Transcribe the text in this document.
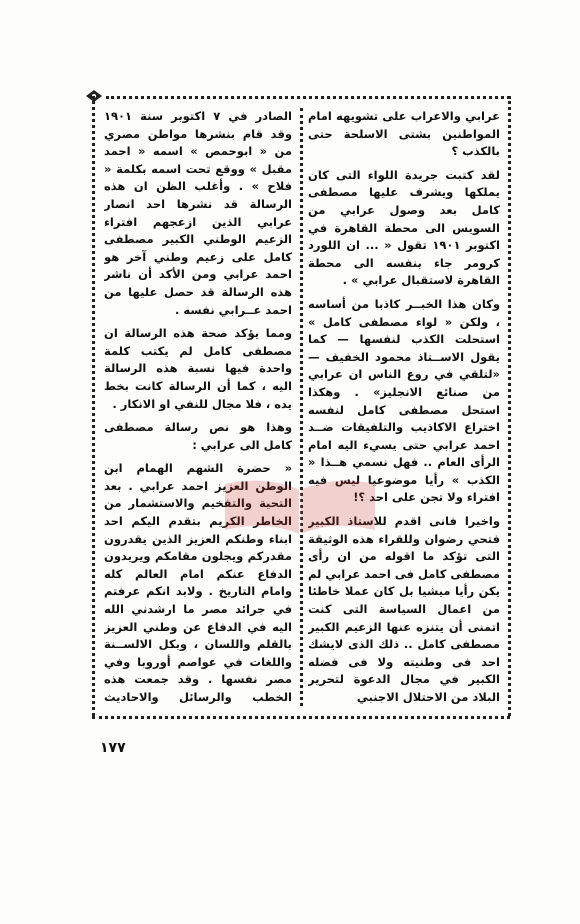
عرابي والاعراب على تشويهه امام المواطنين بشتى الاسلحة حتى بالكذب ؟

لقد كتبت جريدة اللواء التى كان يملكها ويشرف عليها مصطفى كامل بعد وصول عرابي من السويس الى محطة القاهرة في اكتوبر ١٩٠١ تقول « ... ان اللورد كرومر جاء بنفسه الى محطة القاهرة لاستقبال عرابي » .

وكان هذا الخبــر كاذبا من أساسه ، ولكن « لواء مصطفى كامل » استحلت الكذب لنفسها — كما يقول الاســتاذ محمود الخفيف — «لتلقي في روع الناس ان عرابي من صنائع الانجليز» . وهكذا استحل مصطفى كامل لنفسه اختراع الاكاذيب والتلفيقات ضــد احمد عرابي حتى يسيء اليه امام الرأى العام .. فهل نسمي هــذا « الكذب » رأيا موضوعيا ليس فيه افتراء ولا تجن على احد ؟!

واخيرا فانى اقدم للاستاذ الكبير فتحي رضوان وللقراء هذه الوثيقة التى تؤكد ما اقوله من ان رأى مصطفى كامل فى احمد عرابي لم يكن رأيا ميشيا بل كان عملا خاطئا من اعمال السياسة التى كنت اتمنى أن يتنزه عنها الزعيم الكبير مصطفى كامل .. ذلك الذى لايشك احد فى وطنيته ولا فى فضله الكبير في مجال الدعوة لتحرير البلاد من الاحتلال الاجنبي

الصادر في ٧ اكتوبر سنة ١٩٠١ وقد قام بنشرها مواطن مصري من « ابوحمص » اسمه « احمد مقبل » ووقع تحت اسمه بكلمة « فلاح » . وأغلب الظن ان هذه الرسالة قد نشرها احد انصار عرابي الذين ازعجهم افتراء الزعيم الوطني الكبير مصطفى كامل على زعيم وطني آخر هو احمد عرابي ومن الأكد أن ناشر هذه الرسالة قد حصل عليها من احمد عــرابي نفسه .

ومما يؤكد صحة هذه الرسالة ان مصطفى كامل لم يكتب كلمة واحدة فيها نسبة هذه الرسالة اليه ، كما أن الرسالة كانت بخط يده ، فلا مجال للنفي او الانكار .

وهذا هو نص رسالة مصطفى كامل الى عرابي :

« حضرة الشهم الهمام ابن احمد عرابي . بعد والاستشمار من بتقدم اليكم احد ابناء وطنكم العزيز الذين يقدرون مقدركم ويجلون مقامكم ويريدون الدفاع عنكم امام العالم كله وامام التاريخ . ولابد انكم عرفتم في جرائد مصر ما ارشدني الله اليه في الدفاع عن وطني العزيز بالقلم واللسان ، وبكل الالســنة واللغات في عواصم أوروبا وفي مصر نفسها . وقد جمعت هذه الخطب والرسائل والاحاديث

١٧٧
